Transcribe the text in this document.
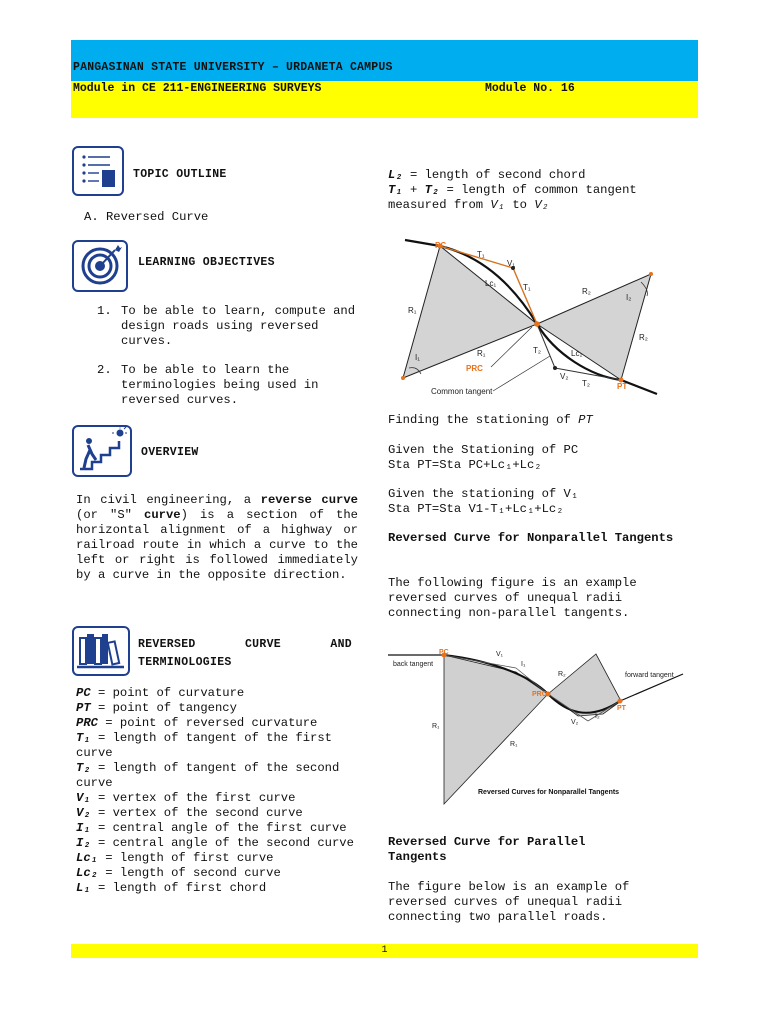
PANGASINAN STATE UNIVERSITY – URDANETA CAMPUS
Module in CE 211-ENGINEERING SURVEYS	Module No. 16
TOPIC OUTLINE
A. Reversed Curve
LEARNING OBJECTIVES
1. To be able to learn, compute and design roads using reversed curves.
2. To be able to learn the terminologies being used in reversed curves.
OVERVIEW
In civil engineering, a reverse curve (or "S" curve) is a section of the horizontal alignment of a highway or railroad route in which a curve to the left or right is followed immediately by a curve in the opposite direction.
REVERSED	CURVE	AND
TERMINOLOGIES
PC = point of curvature
PT = point of tangency
PRC = point of reversed curvature
T₁ = length of tangent of the first curve
T₂ = length of tangent of the second curve
V₁ = vertex of the first curve
V₂ = vertex of the second curve
I₁ = central angle of the first curve
I₂ = central angle of the second curve
Lc₁ = length of first curve
Lc₂ = length of second curve
L₁ = length of first chord
L₂ = length of second chord
T₁ + T₂ = length of common tangent measured from V₁ to V₂
PC
T₁
V₁
Lc₁	T₁	R₂
I₂
R₁
R₂
I₁	R₁	T₂	Lc₂
PRC
V₂
T₂	PT
Common tangent
Finding the stationing of PT
Given the Stationing of PC
Sta PT=Sta PC+Lc₁+Lc₂
Given the stationing of V₁
Sta PT=Sta V1-T₁+Lc₁+Lc₂
Reversed Curve for Nonparallel Tangents
The following figure is an example reversed curves of unequal radii connecting non-parallel tangents.
back tangent
PC	V₁
I₁
R₂	forward tangent
PRC
PT
I₂
V₂
R₁
R₁
Reversed Curves for Nonparallel Tangents
Reversed Curve for Parallel Tangents
The figure below is an example of reversed curves of unequal radii connecting two parallel roads.
1
